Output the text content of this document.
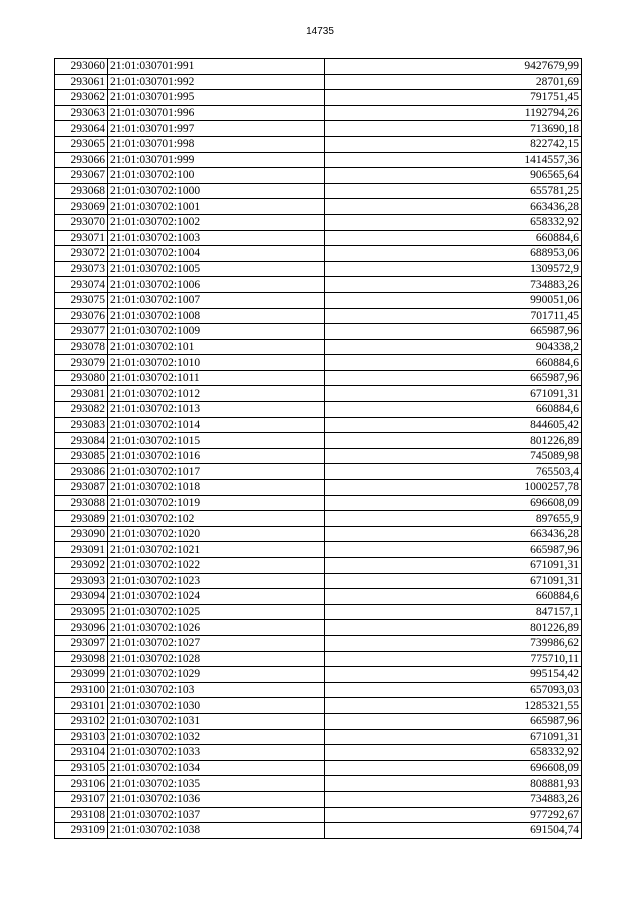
14735
293060	21:01:030701:991	9427679,99
293061	21:01:030701:992	28701,69
293062	21:01:030701:995	791751,45
293063	21:01:030701:996	1192794,26
293064	21:01:030701:997	713690,18
293065	21:01:030701:998	822742,15
293066	21:01:030701:999	1414557,36
293067	21:01:030702:100	906565,64
293068	21:01:030702:1000	655781,25
293069	21:01:030702:1001	663436,28
293070	21:01:030702:1002	658332,92
293071	21:01:030702:1003	660884,6
293072	21:01:030702:1004	688953,06
293073	21:01:030702:1005	1309572,9
293074	21:01:030702:1006	734883,26
293075	21:01:030702:1007	990051,06
293076	21:01:030702:1008	701711,45
293077	21:01:030702:1009	665987,96
293078	21:01:030702:101	904338,2
293079	21:01:030702:1010	660884,6
293080	21:01:030702:1011	665987,96
293081	21:01:030702:1012	671091,31
293082	21:01:030702:1013	660884,6
293083	21:01:030702:1014	844605,42
293084	21:01:030702:1015	801226,89
293085	21:01:030702:1016	745089,98
293086	21:01:030702:1017	765503,4
293087	21:01:030702:1018	1000257,78
293088	21:01:030702:1019	696608,09
293089	21:01:030702:102	897655,9
293090	21:01:030702:1020	663436,28
293091	21:01:030702:1021	665987,96
293092	21:01:030702:1022	671091,31
293093	21:01:030702:1023	671091,31
293094	21:01:030702:1024	660884,6
293095	21:01:030702:1025	847157,1
293096	21:01:030702:1026	801226,89
293097	21:01:030702:1027	739986,62
293098	21:01:030702:1028	775710,11
293099	21:01:030702:1029	995154,42
293100	21:01:030702:103	657093,03
293101	21:01:030702:1030	1285321,55
293102	21:01:030702:1031	665987,96
293103	21:01:030702:1032	671091,31
293104	21:01:030702:1033	658332,92
293105	21:01:030702:1034	696608,09
293106	21:01:030702:1035	808881,93
293107	21:01:030702:1036	734883,26
293108	21:01:030702:1037	977292,67
293109	21:01:030702:1038	691504,74
